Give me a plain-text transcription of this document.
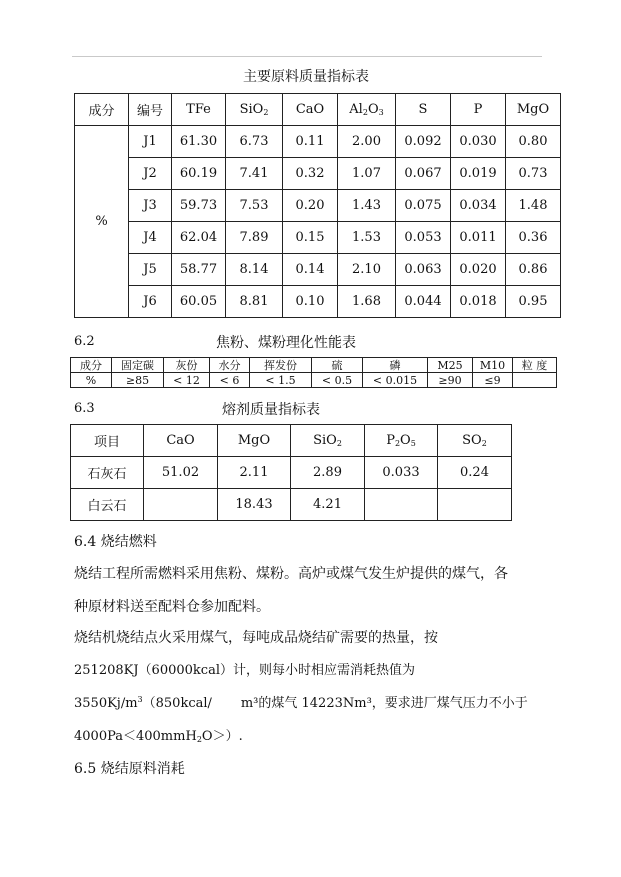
主要原料质量指标表
成分	编号	TFe	SiO$_2$	CaO	$Al_2O_3$	S	P	MgO
%	J1	61.30	6.73	0.11	2.00	0.092	0.030	0.80
	J2	60.19	7.41	0.32	1.07	0.067	0.019	0.73
	J3	59.73	7.53	0.20	1.43	0.075	0.034	1.48
	J4	62.04	7.89	0.15	1.53	0.053	0.011	0.36
	J5	58.77	8.14	0.14	2.10	0.063	0.020	0.86
	J6	60.05	8.81	0.10	1.68	0.044	0.018	0.95
6.2	焦粉、煤粉理化性能表
成分	固定碳	灰份	水分	挥发份	硫	磷	M25	M10	粒 度
%	≥85	< 12	< 6	< 1.5	< 0.5	< 0.015	≥90	≤9	
6.3	熔剂质量指标表
项目	CaO	MgO	SiO$_2$	$P_2O_5$	$SO_2$
石灰石	51.02	2.11	2.89	0.033	0.24
白云石		18.43	4.21		
6.4 烧结燃料
烧结工程所需燃料采用焦粉、煤粉。高炉或煤气发生炉提供的煤气，各
种原材料送至配料仓参加配料。
烧结机烧结点火采用煤气，每吨成品烧结矿需要的热量，按
251208KJ（60000kcal）计，则每小时相应需消耗热值为
$3550Kj/m^3(850kcal/$ m³的煤气 14223Nm³，要求进厂煤气压力不小于
4000Pa＜400mmH$_2$O＞）.
6.5 烧结原料消耗
